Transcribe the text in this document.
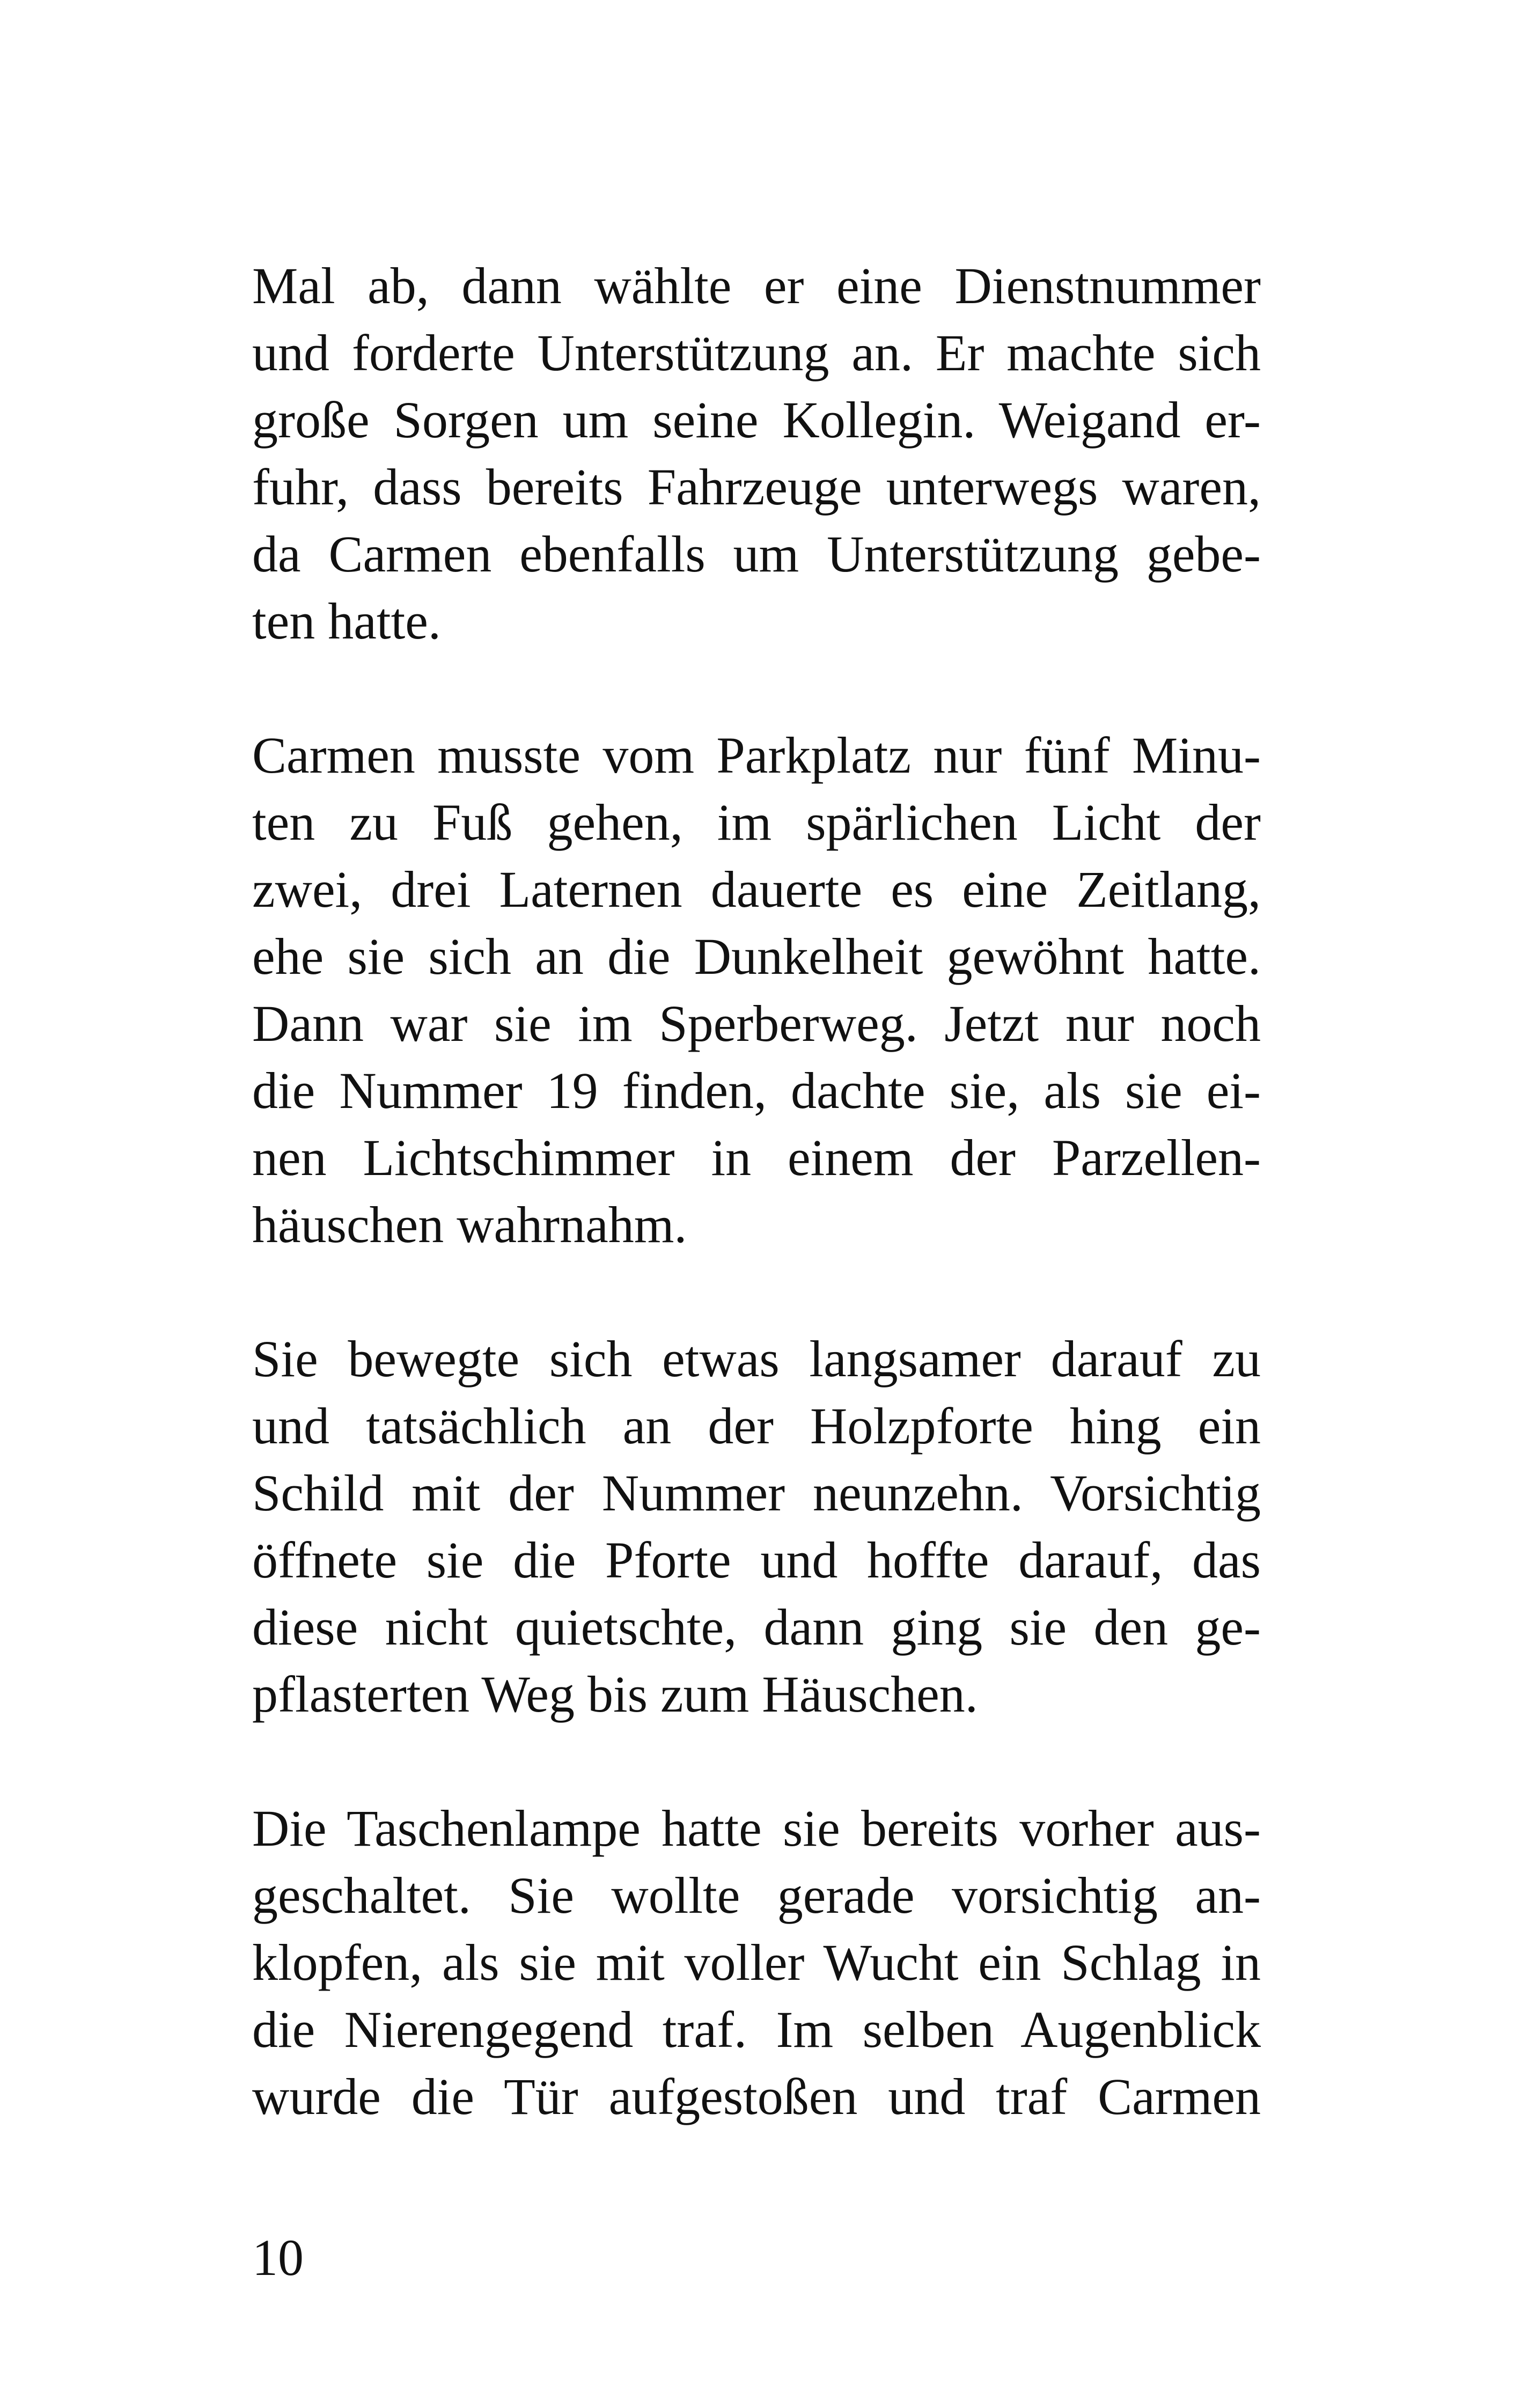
Mal ab, dann wählte er eine Dienstnummer
und forderte Unterstützung an. Er machte sich
große Sorgen um seine Kollegin. Weigand er-
fuhr, dass bereits Fahrzeuge unterwegs waren,
da Carmen ebenfalls um Unterstützung gebe-
ten hatte.
Carmen musste vom Parkplatz nur fünf Minu-
ten zu Fuß gehen, im spärlichen Licht der
zwei, drei Laternen dauerte es eine Zeitlang,
ehe sie sich an die Dunkelheit gewöhnt hatte.
Dann war sie im Sperberweg. Jetzt nur noch
die Nummer 19 finden, dachte sie, als sie ei-
nen Lichtschimmer in einem der Parzellen-
häuschen wahrnahm.
Sie bewegte sich etwas langsamer darauf zu
und tatsächlich an der Holzpforte hing ein
Schild mit der Nummer neunzehn. Vorsichtig
öffnete sie die Pforte und hoffte darauf, das
diese nicht quietschte, dann ging sie den ge-
pflasterten Weg bis zum Häuschen.
Die Taschenlampe hatte sie bereits vorher aus-
geschaltet. Sie wollte gerade vorsichtig an-
klopfen, als sie mit voller Wucht ein Schlag in
die Nierengegend traf. Im selben Augenblick
wurde die Tür aufgestoßen und traf Carmen
10
